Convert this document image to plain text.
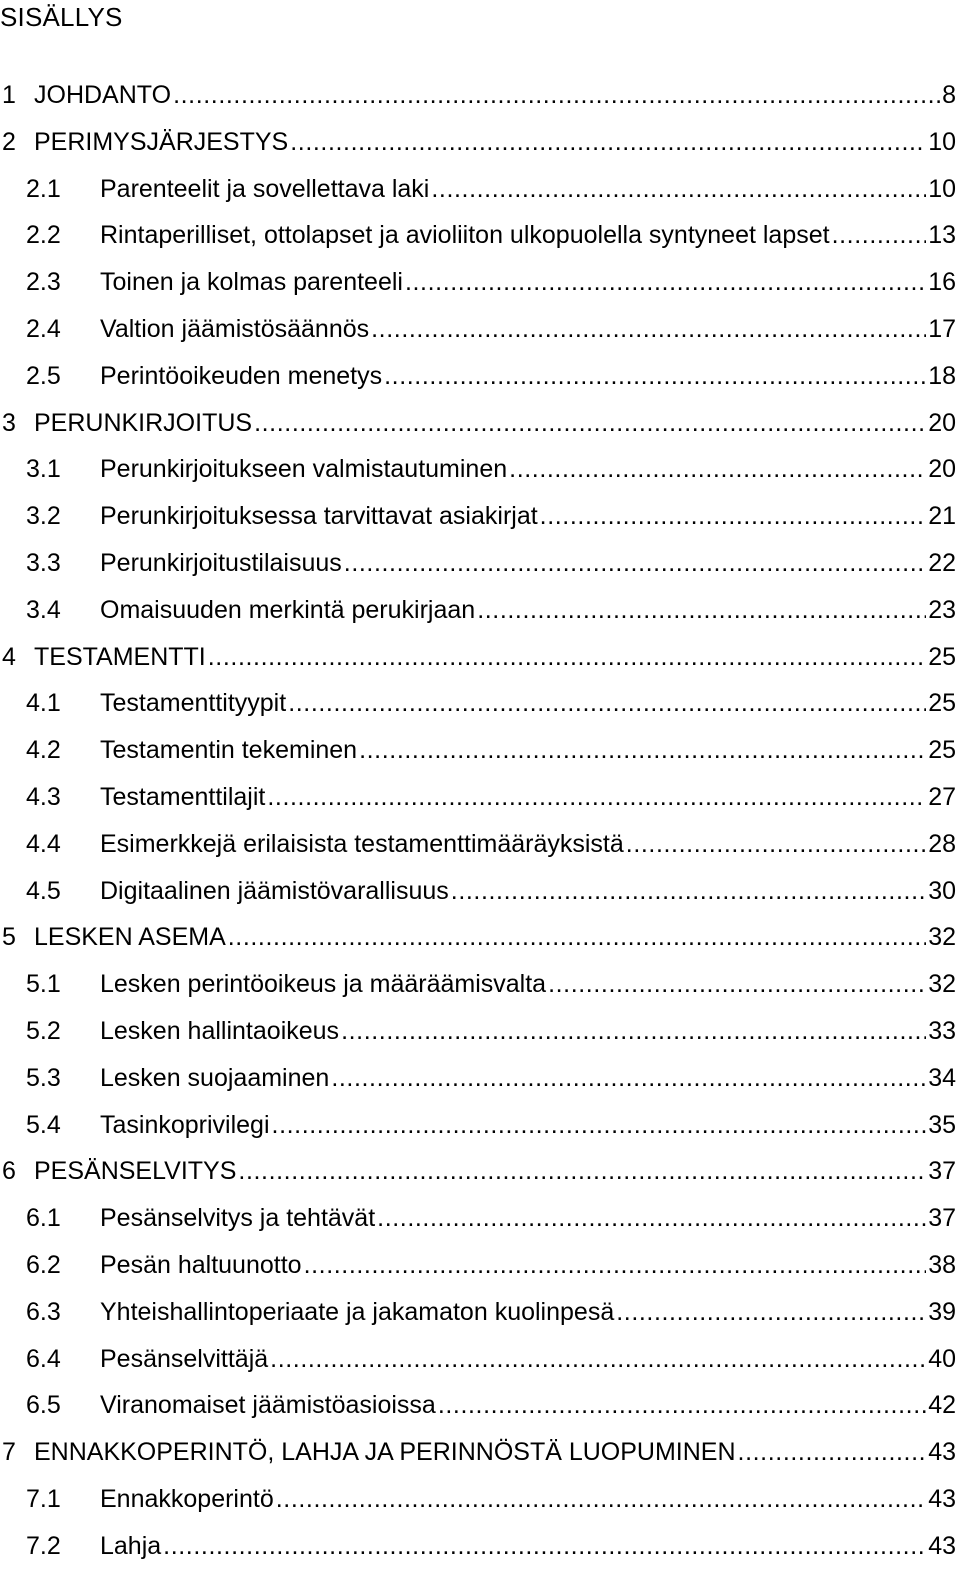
SISÄLLYS
1 JOHDANTO .....	8
2 PERIMYSJÄRJESTYS .....	10
2.1	Parenteelit ja sovellettava laki .....	10
2.2	Rintaperilliset, ottolapset ja avioliiton ulkopuolella syntyneet lapset .....	13
2.3	Toinen ja kolmas parenteeli .....	16
2.4	Valtion jäämistösäännös .....	17
2.5	Perintöoikeuden menetys .....	18
3 PERUNKIRJOITUS .....	20
3.1	Perunkirjoitukseen valmistautuminen .....	20
3.2	Perunkirjoituksessa tarvittavat asiakirjat .....	21
3.3	Perunkirjoitustilaisuus .....	22
3.4	Omaisuuden merkintä perukirjaan .....	23
4 TESTAMENTTI .....	25
4.1	Testamenttityypit .....	25
4.2	Testamentin tekeminen .....	25
4.3	Testamenttilajit .....	27
4.4	Esimerkkejä erilaisista testamenttimääräyksistä .....	28
4.5	Digitaalinen jäämistövarallisuus .....	30
5 LESKEN ASEMA .....	32
5.1	Lesken perintöoikeus ja määräämisvalta .....	32
5.2	Lesken hallintaoikeus .....	33
5.3	Lesken suojaaminen .....	34
5.4	Tasinkoprivilegi .....	35
6 PESÄNSELVITYS .....	37
6.1	Pesänselvitys ja tehtävät .....	37
6.2	Pesän haltuunotto .....	38
6.3	Yhteishallintoperiaate ja jakamaton kuolinpesä .....	39
6.4	Pesänselvittäjä .....	40
6.5	Viranomaiset jäämistöasioissa .....	42
7 ENNAKKOPERINTÖ, LAHJA JA PERINNÖSTÄ LUOPUMINEN .....	43
7.1	Ennakkoperintö .....	43
7.2	Lahja .....	43
